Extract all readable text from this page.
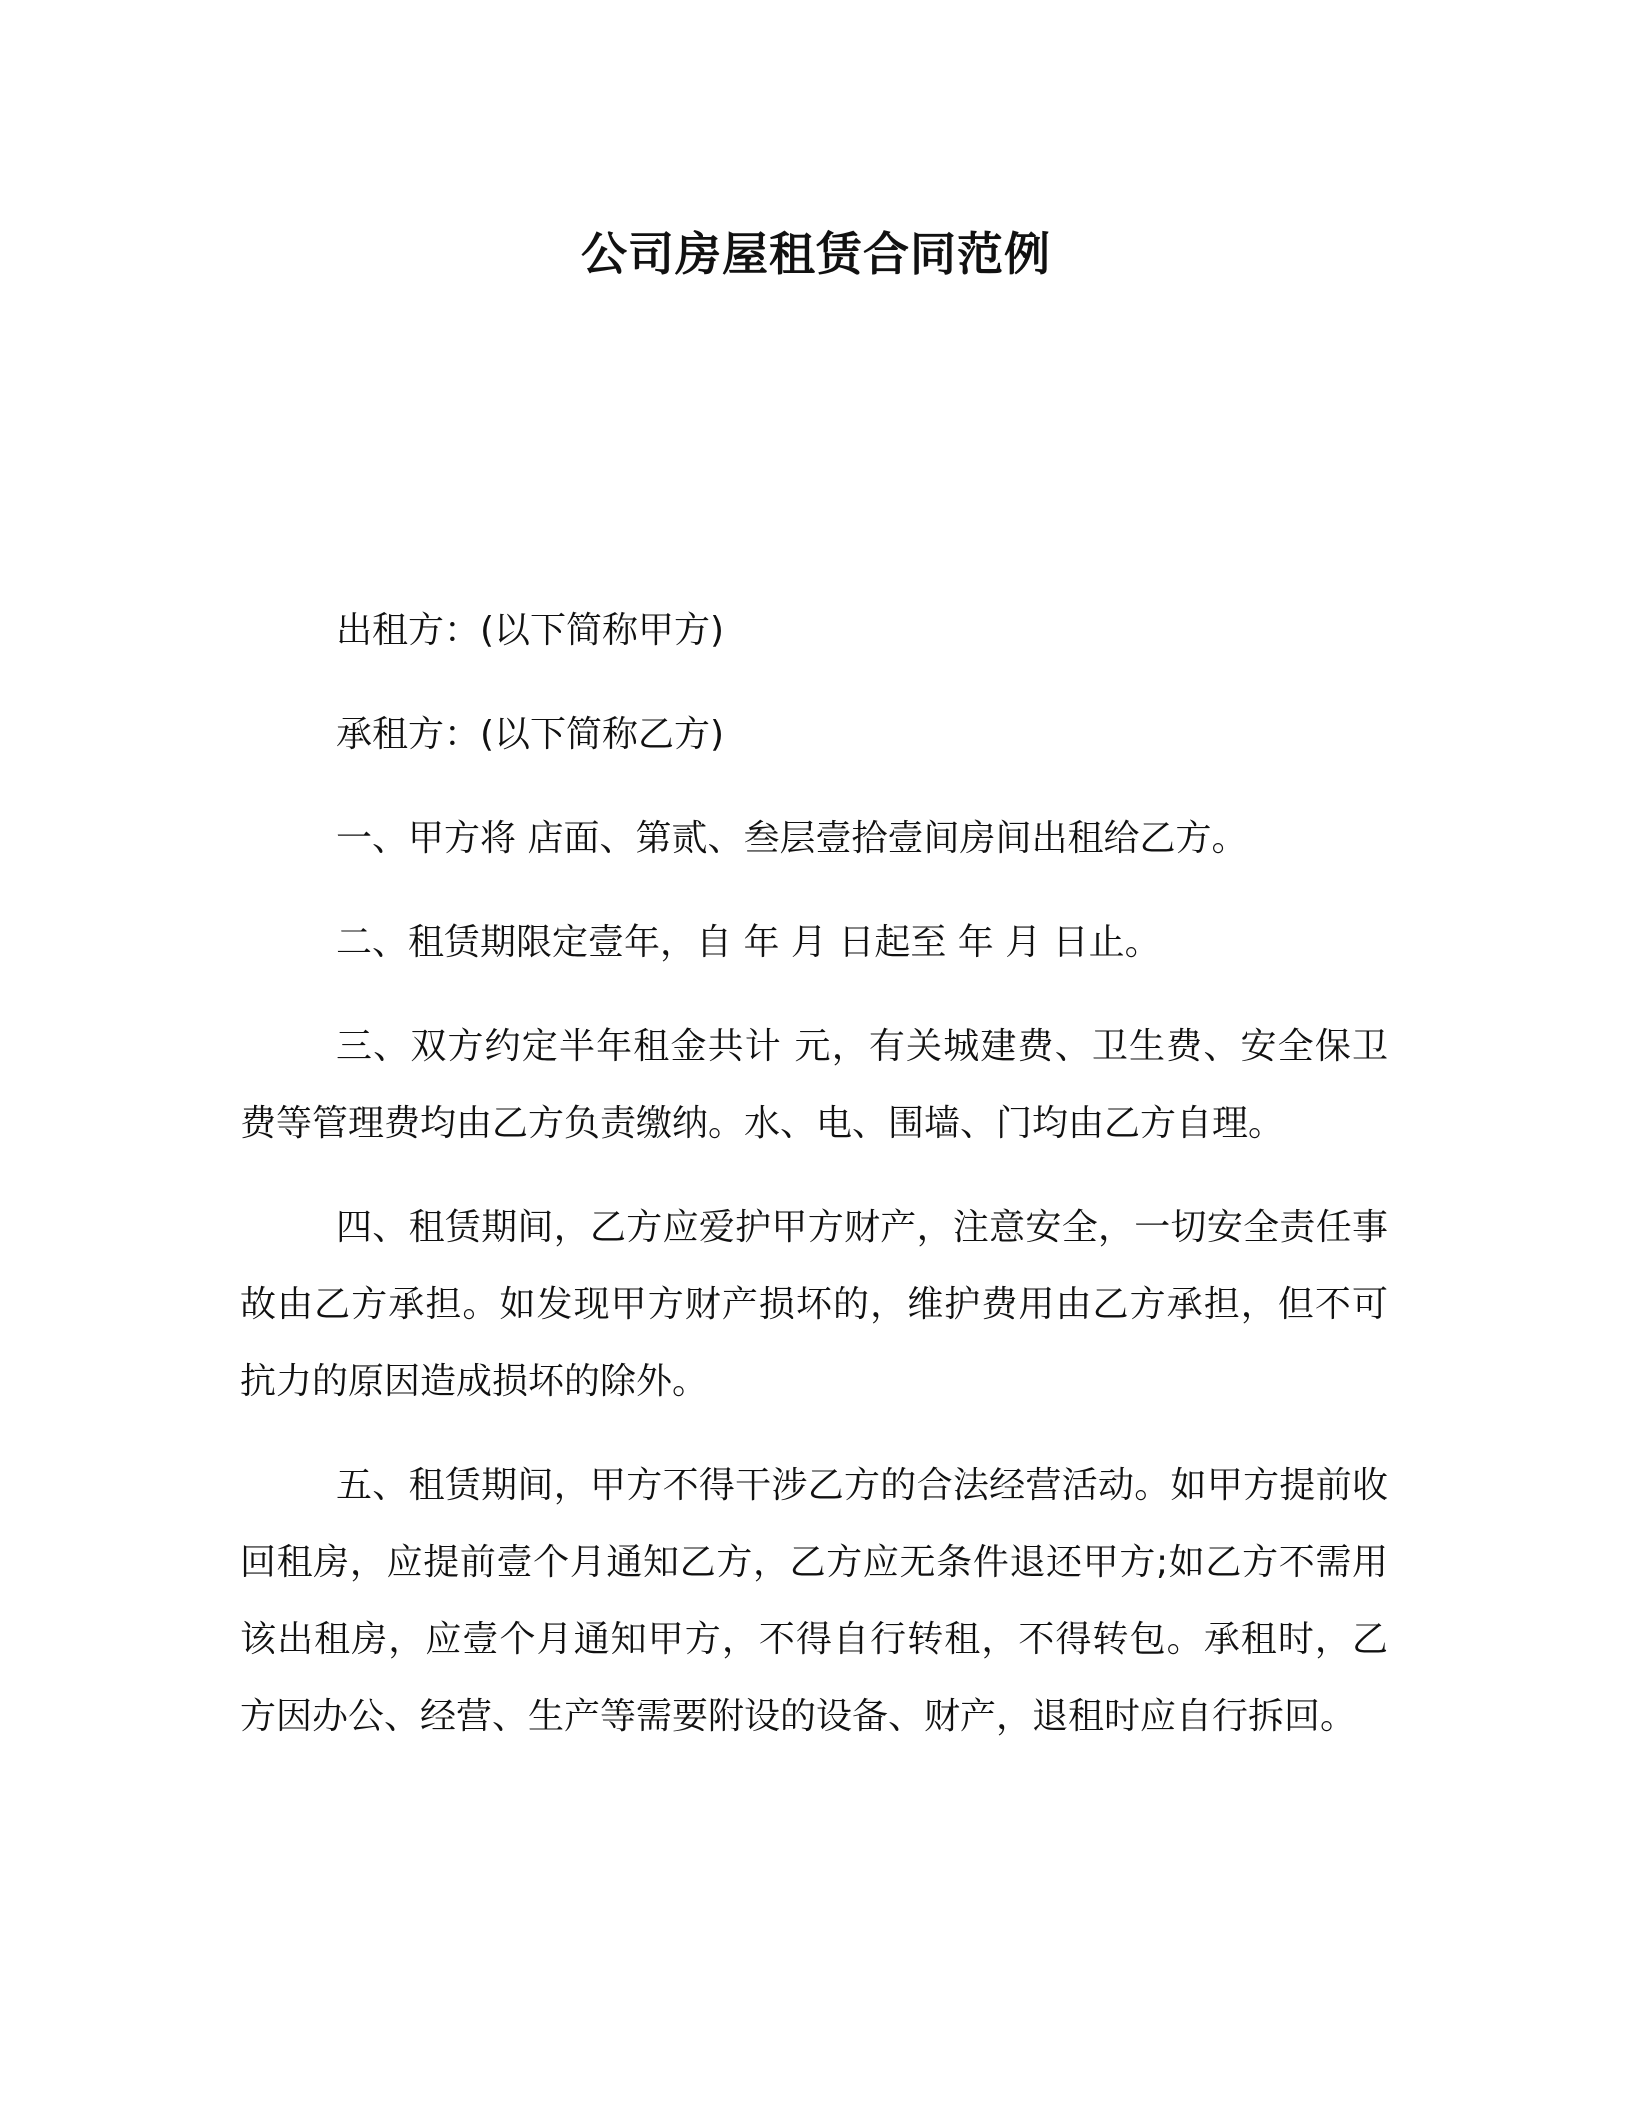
公司房屋租赁合同范例

出租方：(以下简称甲方)

承租方：(以下简称乙方)

一、甲方将 店面、第贰、叁层壹拾壹间房间出租给乙方。

二、租赁期限定壹年，自 年 月 日起至 年 月 日止。

三、双方约定半年租金共计 元，有关城建费、卫生费、安全保卫费等管理费均由乙方负责缴纳。水、电、围墙、门均由乙方自理。

四、租赁期间，乙方应爱护甲方财产，注意安全，一切安全责任事故由乙方承担。如发现甲方财产损坏的，维护费用由乙方承担，但不可抗力的原因造成损坏的除外。

五、租赁期间，甲方不得干涉乙方的合法经营活动。如甲方提前收回租房，应提前壹个月通知乙方，乙方应无条件退还甲方;如乙方不需用该出租房，应壹个月通知甲方，不得自行转租，不得转包。承租时，乙方因办公、经营、生产等需要附设的设备、财产，退租时应自行拆回。
